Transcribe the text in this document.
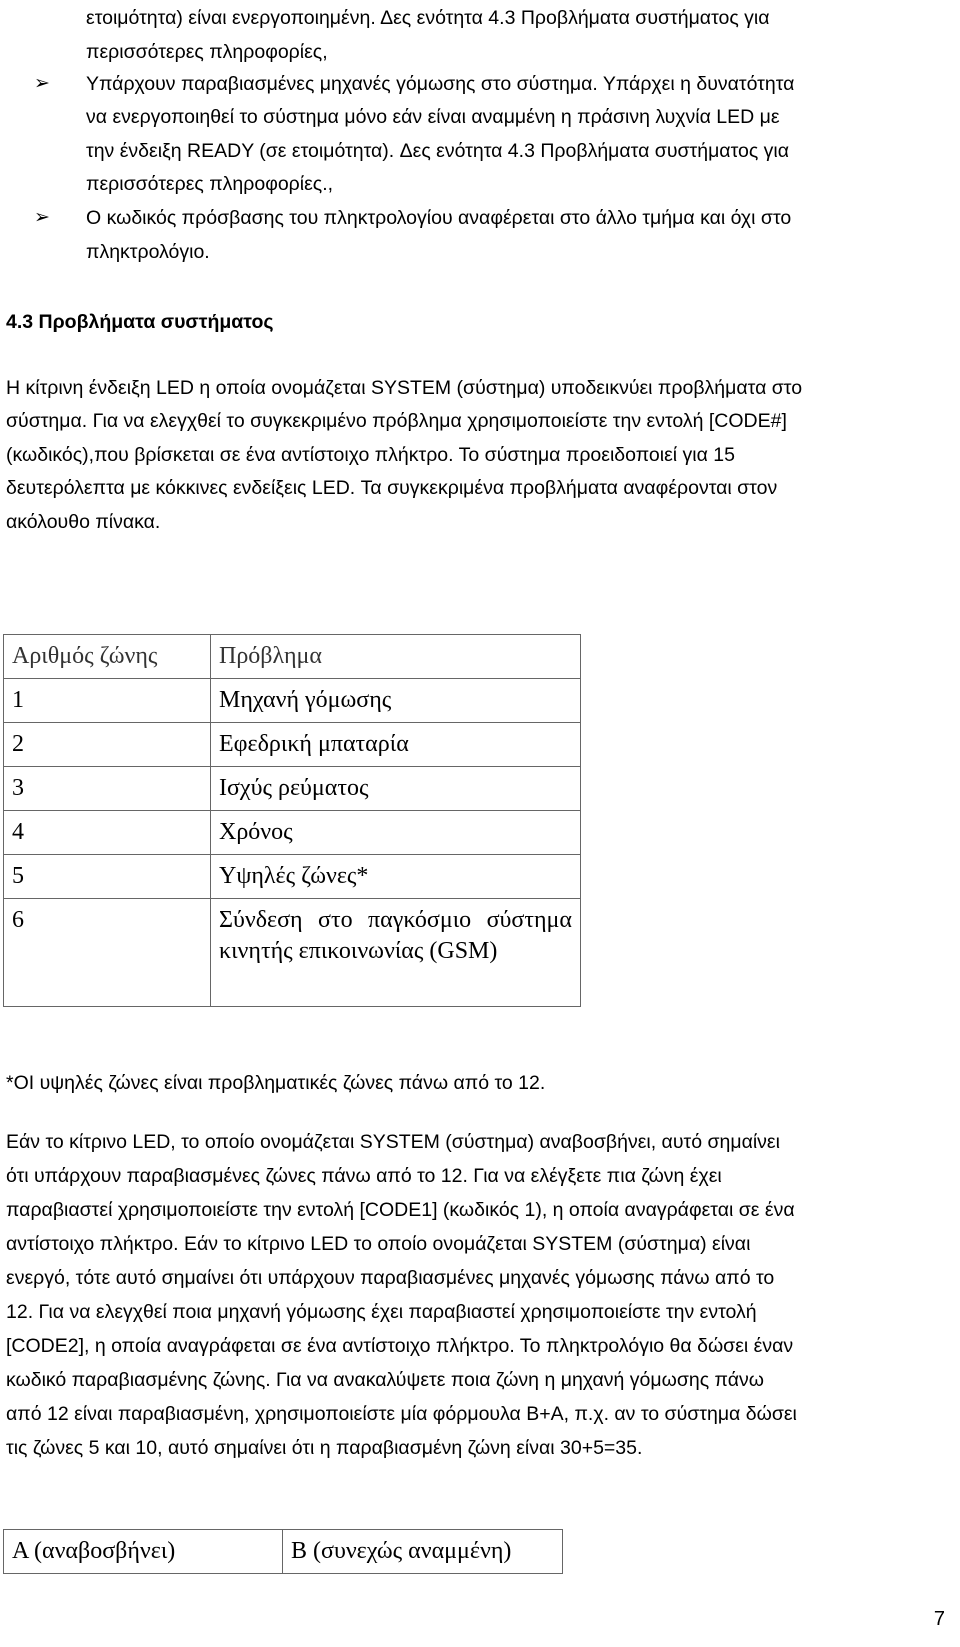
ετοιμότητα) είναι ενεργοποιημένη. Δες ενότητα 4.3 Προβλήματα συστήματος για
περισσότερες πληροφορίες,
➢ Υπάρχουν παραβιασμένες μηχανές γόμωσης στο σύστημα. Υπάρχει η δυνατότητα
να ενεργοποιηθεί το σύστημα μόνο εάν είναι αναμμένη η πράσινη λυχνία LED με
την ένδειξη READY (σε ετοιμότητα). Δες ενότητα 4.3 Προβλήματα συστήματος για
περισσότερες πληροφορίες.,
➢ Ο κωδικός πρόσβασης του πληκτρολογίου αναφέρεται στο άλλο τμήμα και όχι στο
πληκτρολόγιο.
4.3 Προβλήματα συστήματος
Η κίτρινη ένδειξη LED η οποία ονομάζεται SYSTEM (σύστημα) υποδεικνύει προβλήματα στο
σύστημα. Για να ελεγχθεί το συγκεκριμένο πρόβλημα χρησιμοποιείστε την εντολή [CODE#]
(κωδικός),που βρίσκεται σε ένα αντίστοιχο πλήκτρο. Το σύστημα προειδοποιεί για 15
δευτερόλεπτα με κόκκινες ενδείξεις LED. Τα συγκεκριμένα προβλήματα αναφέρονται στον
ακόλουθο πίνακα.
Αριθμός ζώνης	Πρόβλημα
1	Μηχανή γόμωσης
2	Εφεδρική μπαταρία
3	Ισχύς ρεύματος
4	Χρόνος
5	Υψηλές ζώνες*
6	Σύνδεση στο παγκόσμιο σύστημα κινητής επικοινωνίας (GSM)
*ΟΙ υψηλές ζώνες είναι προβληματικές ζώνες πάνω από το 12.
Εάν το κίτρινο LED, το οποίο ονομάζεται SYSTEM (σύστημα) αναβοσβήνει, αυτό σημαίνει
ότι υπάρχουν παραβιασμένες ζώνες πάνω από το 12. Για να ελέγξετε πια ζώνη έχει
παραβιαστεί χρησιμοποιείστε την εντολή [CODE1] (κωδικός 1), η οποία αναγράφεται σε ένα
αντίστοιχο πλήκτρο. Εάν το κίτρινο LED το οποίο ονομάζεται SYSTEM (σύστημα) είναι
ενεργό, τότε αυτό σημαίνει ότι υπάρχουν παραβιασμένες μηχανές γόμωσης πάνω από το
12. Για να ελεγχθεί ποια μηχανή γόμωσης έχει παραβιαστεί χρησιμοποιείστε την εντολή
[CODE2], η οποία αναγράφεται σε ένα αντίστοιχο πλήκτρο. Το πληκτρολόγιο θα δώσει έναν
κωδικό παραβιασμένης ζώνης. Για να ανακαλύψετε ποια ζώνη η μηχανή γόμωσης πάνω
από 12 είναι παραβιασμένη, χρησιμοποιείστε μία φόρμουλα Β+Α, π.χ. αν το σύστημα δώσει
τις ζώνες 5 και 10, αυτό σημαίνει ότι η παραβιασμένη ζώνη είναι 30+5=35.
Α (αναβοσβήνει)	Β (συνεχώς αναμμένη)
7
